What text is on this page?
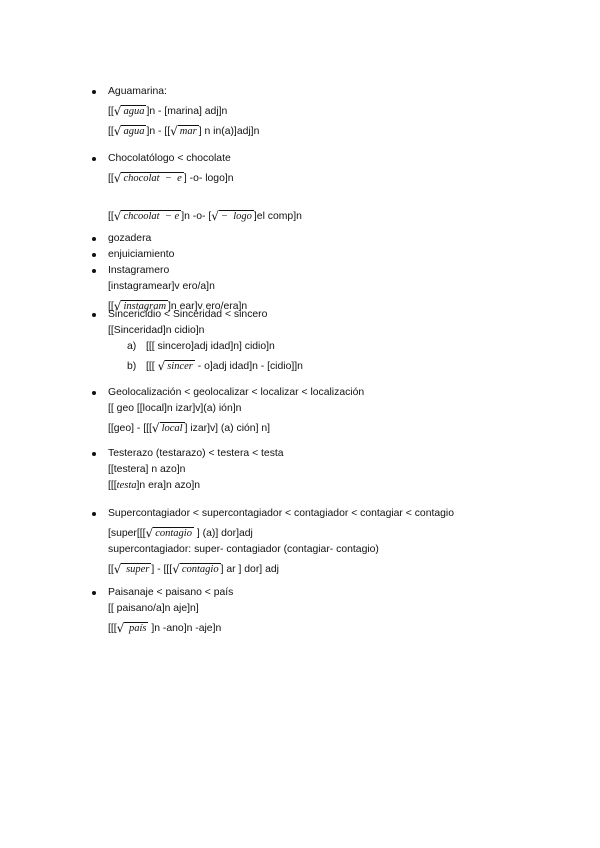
Aguamarina:
[[√ agua ]n - [marina] adj]n
[[√ agua ]n - [[√ mar ] n in(a)]adj]n
Chocolatólogo < chocolate
[[√ chocolat  −  e ] -o- logo]n
[[√ chcoolat  − e ]n -o- [√ −  logo ]el comp]n
gozadera
enjuiciamiento
Instagramero
[instagramear]v ero/a]n
[[√ instagram ]n ear]v ero/era]n
Sincericidio < Sinceridad < sincero
[[Sinceridad]n cidio]n
a) [[[ sincero]adj idad]n] cidio]n
b) [[[ √ sincer - o]adj idad]n - [cidio]]n
Geolocalización < geolocalizar < localizar < localización
[[ geo [[local]n izar]v](a) ión]n
[[geo] - [[[√ local ] izar]v] (a) ción] n]
Testerazo (testarazo) < testera < testa
[[testera] n azo]n
[[[testa]n era]n azo]n
Supercontagiador < supercontagiador < contagiador < contagiar < contagio
[super[[[√ contagio ] (a)] dor]adj
supercontagiador: super- contagiador (contagiar- contagio)
[[√ super ] - [[[√ contagio ] ar ] dor] adj
Paisanaje < paisano < país
[[ paisano/a]n aje]n]
[[[√ país ]n -ano]n -aje]n
